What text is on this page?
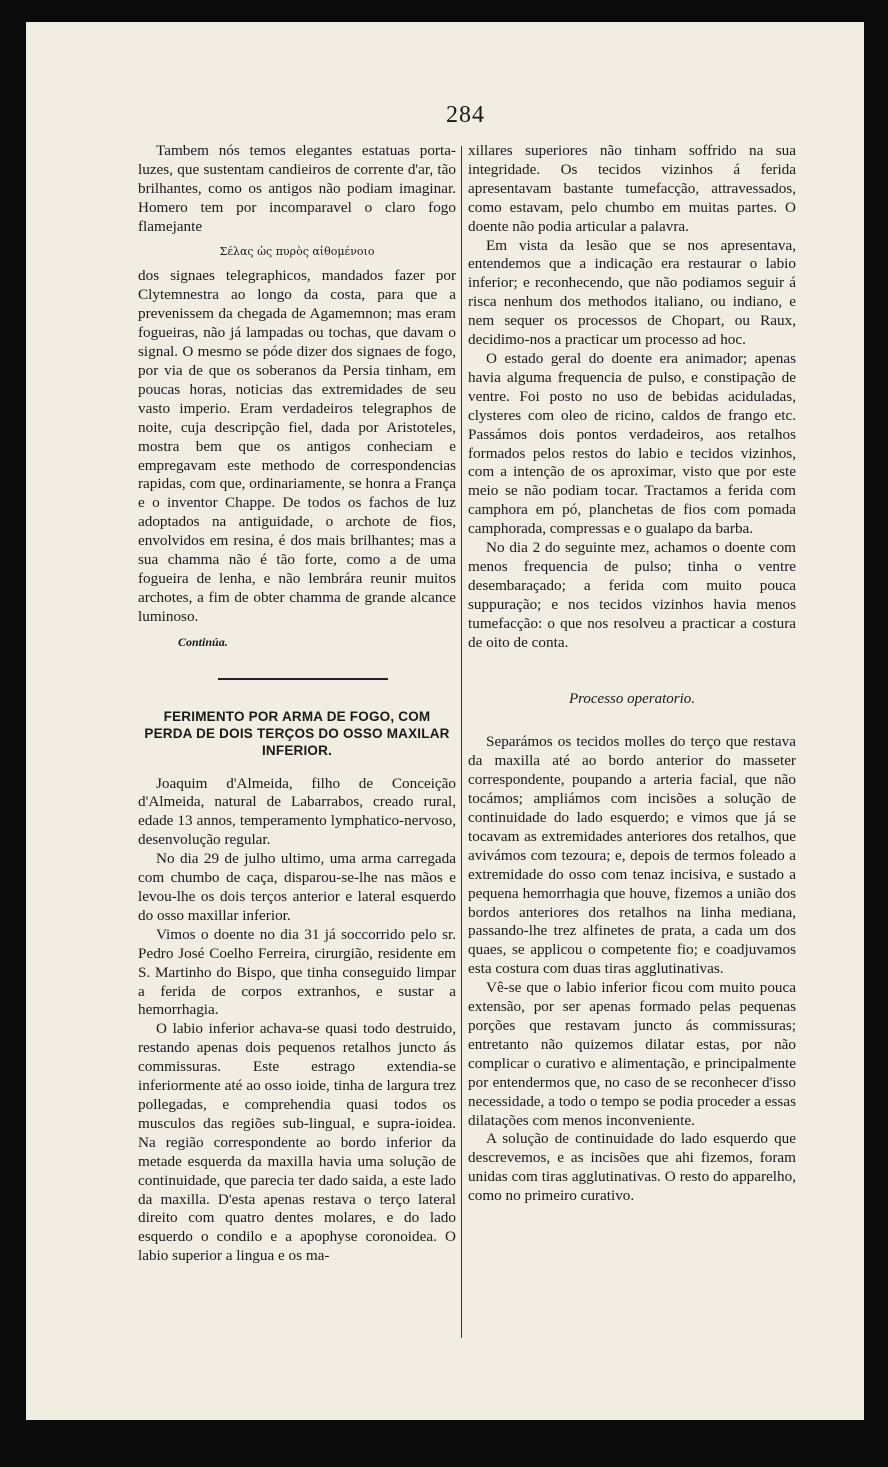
284

Tambem nós temos elegantes estatuas porta-luzes, que sustentam candieiros de corrente d'ar, tão brilhantes, como os antigos não podiam imaginar. Homero tem por incomparavel o claro fogo flamejante

Σέλας ὡς πυρὸς αἰθομένοιο

dos signaes telegraphicos, mandados fazer por Clytemnestra ao longo da costa, para que a prevenissem da chegada de Agamemnon; mas eram fogueiras, não já lampadas ou tochas, que davam o signal. O mesmo se póde dizer dos signaes de fogo, por via de que os soberanos da Persia tinham, em poucas horas, noticias das extremidades de seu vasto imperio. Eram verdadeiros telegraphos de noite, cuja descripção fiel, dada por Aristoteles, mostra bem que os antigos conheciam e empregavam este methodo de correspondencias rapidas, com que, ordinariamente, se honra a França e o inventor Chappe. De todos os fachos de luz adoptados na antiguidade, o archote de fios, envolvidos em resina, é dos mais brilhantes; mas a sua chamma não é tão forte, como a de uma fogueira de lenha, e não lembrára reunir muitos archotes, a fim de obter chamma de grande alcance luminoso.

Continúa.
FERIMENTO POR ARMA DE FOGO, COM PERDA DE DOIS TERÇOS DO OSSO MAXILAR INFERIOR.

Joaquim d'Almeida, filho de Conceição d'Almeida, natural de Labarrabos, creado rural, edade 13 annos, temperamento lymphatico-nervoso, desenvolução regular.

No dia 29 de julho ultimo, uma arma carregada com chumbo de caça, disparou-se-lhe nas mãos e levou-lhe os dois terços anterior e lateral esquerdo do osso maxillar inferior.

Vimos o doente no dia 31 já soccorrido pelo sr. Pedro José Coelho Ferreira, cirurgião, residente em S. Martinho do Bispo, que tinha conseguido limpar a ferida de corpos extranhos, e sustar a hemorrhagia.

O labio inferior achava-se quasi todo destruido, restando apenas dois pequenos retalhos juncto ás commissuras. Este estrago extendia-se inferiormente até ao osso ioide, tinha de largura trez pollegadas, e comprehendia quasi todos os musculos das regiões sub-lingual, e supra-ioidea. Na região correspondente ao bordo inferior da metade esquerda da maxilla havia uma solução de continuidade, que parecia ter dado saida, a este lado da maxilla. D'esta apenas restava o terço lateral direito com quatro dentes molares, e do lado esquerdo o condilo e a apophyse coronoidea. O labio superior a lingua e os ma-

xillares superiores não tinham soffrido na sua integridade. Os tecidos vizinhos á ferida apresentavam bastante tumefacção, attravessados, como estavam, pelo chumbo em muitas partes. O doente não podia articular a palavra.

Em vista da lesão que se nos apresentava, entendemos que a indicação era restaurar o labio inferior; e reconhecendo, que não podiamos seguir á risca nenhum dos methodos italiano, ou indiano, e nem sequer os processos de Chopart, ou Raux, decidimo-nos a practicar um processo ad hoc.

O estado geral do doente era animador; apenas havia alguma frequencia de pulso, e constipação de ventre. Foi posto no uso de bebidas aciduladas, clysteres com oleo de ricino, caldos de frango etc. Passámos dois pontos verdadeiros, aos retalhos formados pelos restos do labio e tecidos vizinhos, com a intenção de os aproximar, visto que por este meio se não podiam tocar. Tractamos a ferida com camphora em pó, planchetas de fios com pomada camphorada, compressas e o gualapo da barba.

No dia 2 do seguinte mez, achamos o doente com menos frequencia de pulso; tinha o ventre desembaraçado; a ferida com muito pouca suppuração; e nos tecidos vizinhos havia menos tumefacção: o que nos resolveu a practicar a costura de oito de conta.

Processo operatorio.

Separámos os tecidos molles do terço que restava da maxilla até ao bordo anterior do masseter correspondente, poupando a arteria facial, que não tocámos; ampliámos com incisões a solução de continuidade do lado esquerdo; e vimos que já se tocavam as extremidades anteriores dos retalhos, que avivámos com tezoura; e, depois de termos foleado a extremidade do osso com tenaz incisiva, e sustado a pequena hemorrhagia que houve, fizemos a união dos bordos anteriores dos retalhos na linha mediana, passando-lhe trez alfinetes de prata, a cada um dos quaes, se applicou o competente fio; e coadjuvamos esta costura com duas tiras agglutinativas.

Vê-se que o labio inferior ficou com muito pouca extensão, por ser apenas formado pelas pequenas porções que restavam juncto ás commissuras; entretanto não quizemos dilatar estas, por não complicar o curativo e alimentação, e principalmente por entendermos que, no caso de se reconhecer d'isso necessidade, a todo o tempo se podia proceder a essas dilatações com menos inconveniente.

A solução de continuidade do lado esquerdo que descrevemos, e as incisões que ahi fizemos, foram unidas com tiras agglutinativas. O resto do apparelho, como no primeiro curativo.
